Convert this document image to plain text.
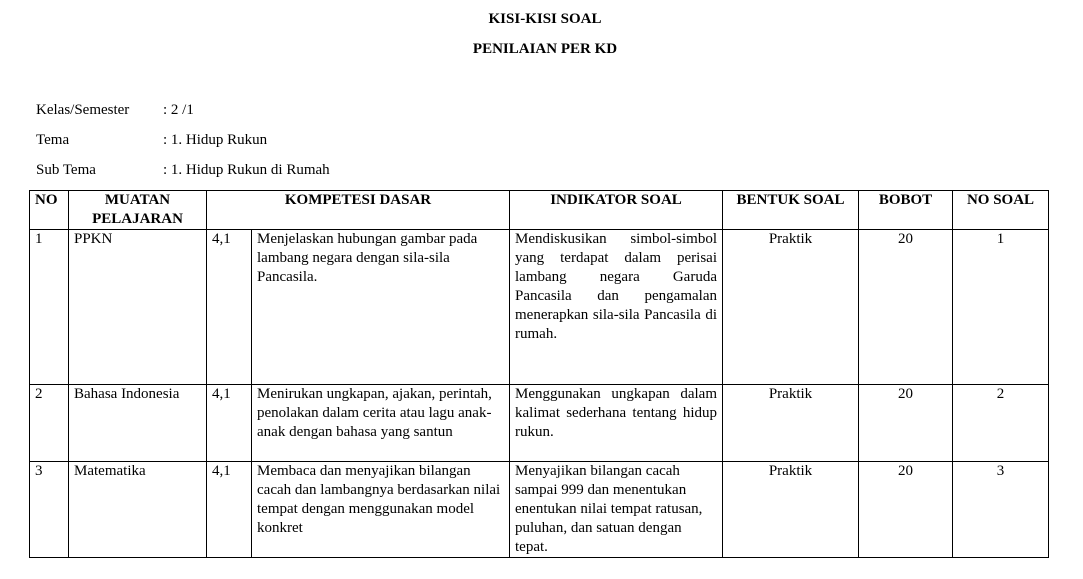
KISI-KISI SOAL
PENILAIAN PER KD
Kelas/Semester : 2 /1
Tema	: 1. Hidup Rukun
Sub Tema	: 1. Hidup Rukun di Rumah
NO	MUATAN PELAJARAN	KOMPETESI DASAR		INDIKATOR SOAL	BENTUK SOAL	BOBOT	NO SOAL
1	PPKN	4,1	Menjelaskan hubungan gambar pada lambang negara dengan sila-sila Pancasila.	Mendiskusikan simbol-simbol yang terdapat dalam perisai lambang negara Garuda Pancasila dan pengamalan menerapkan sila-sila Pancasila di rumah.	Praktik	20	1
2	Bahasa Indonesia	4,1	Menirukan ungkapan, ajakan, perintah, penolakan dalam cerita atau lagu anak-anak dengan bahasa yang santun	Menggunakan ungkapan dalam kalimat sederhana tentang hidup rukun.	Praktik	20	2
3	Matematika	4,1	Membaca dan menyajikan bilangan cacah dan lambangnya berdasarkan nilai tempat dengan menggunakan model konkret	Menyajikan bilangan cacah sampai 999 dan menentukan enentukan nilai tempat ratusan, puluhan, dan satuan dengan tepat.	Praktik	20	3
